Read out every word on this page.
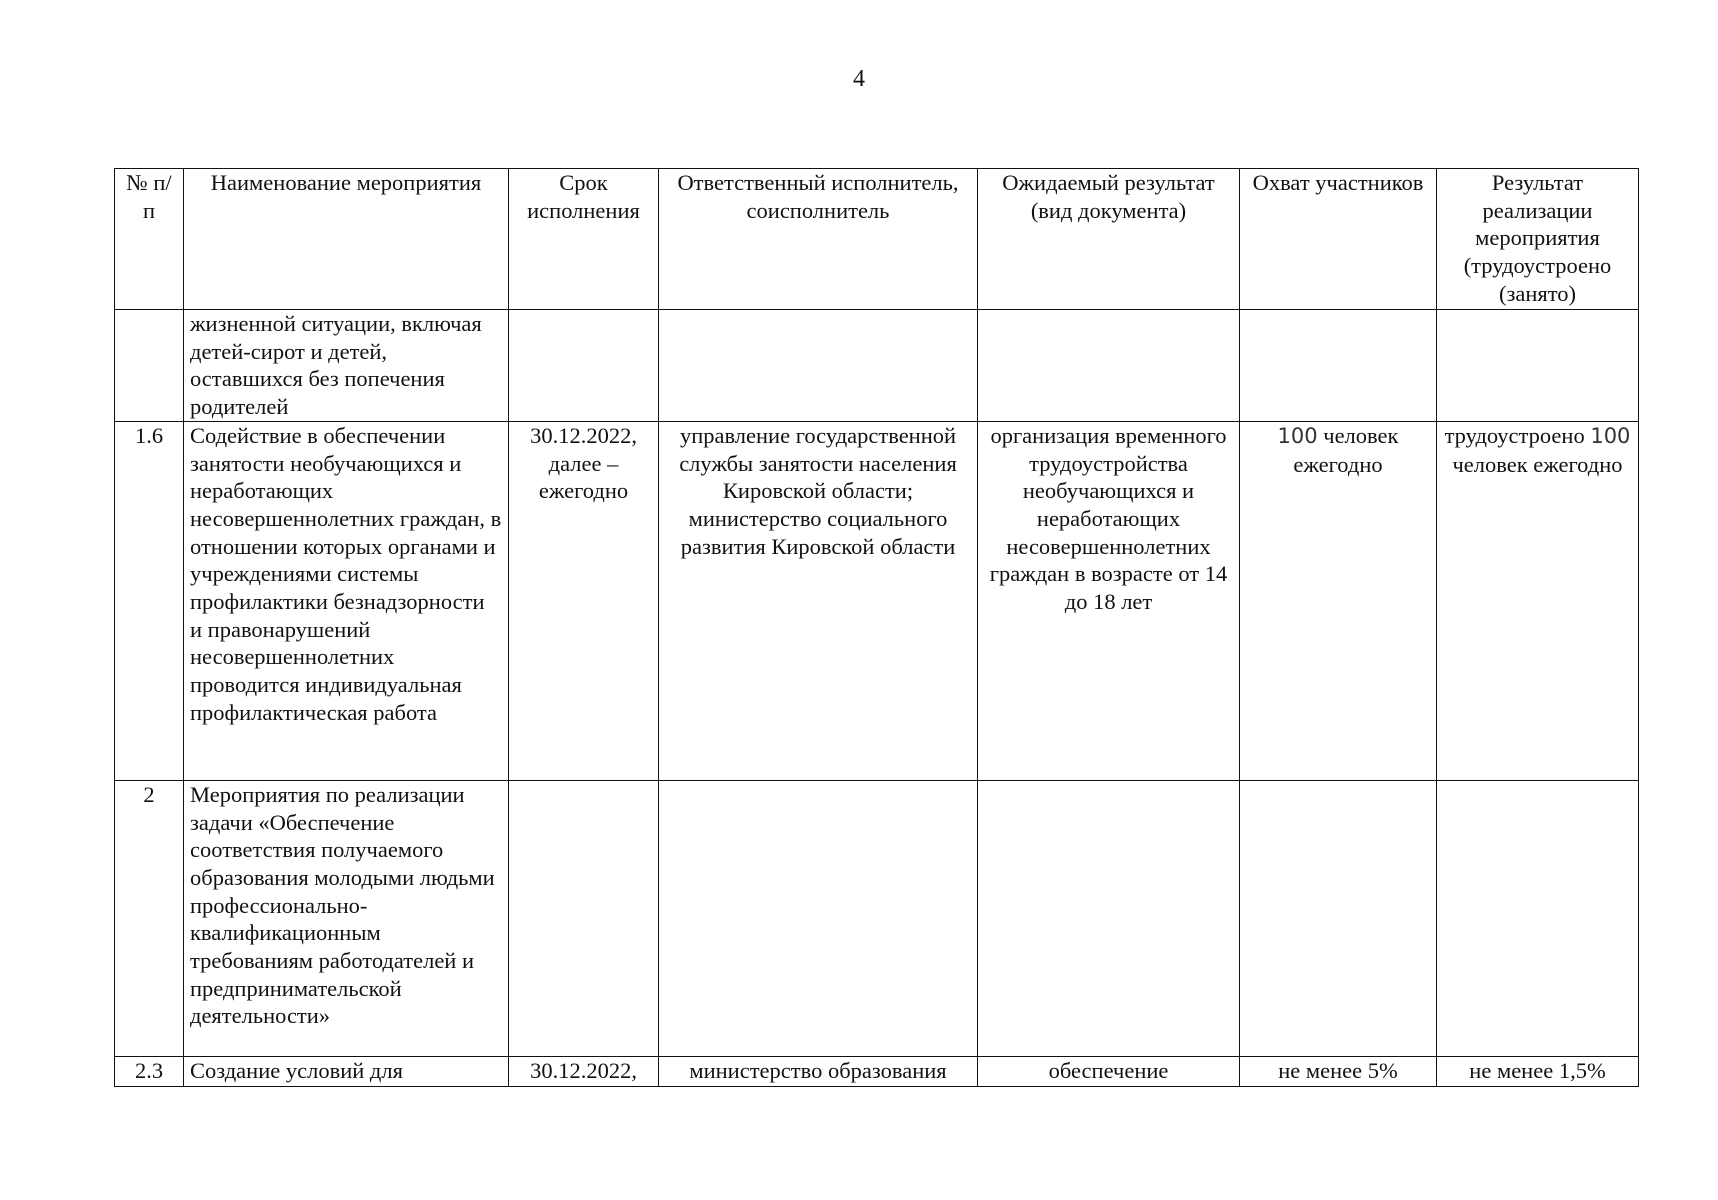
4
№ п/п	Наименование мероприятия	Срок исполнения	Ответственный исполнитель, соисполнитель	Ожидаемый результат (вид документа)	Охват участников	Результат реализации мероприятия (трудоустроено (занято)
	жизненной ситуации, включая детей-сирот и детей, оставшихся без попечения родителей					
1.6	Содействие в обеспечении занятости необучающихся и неработающих несовершеннолетних граждан, в отношении которых органами и учреждениями системы профилактики безнадзорности и правонарушений несовершеннолетних проводится индивидуальная профилактическая работа	30.12.2022, далее – ежегодно	управление государственной службы занятости населения Кировской области; министерство социального развития Кировской области	организация временного трудоустройства необучающихся и неработающих несовершеннолетних граждан в возрасте от 14 до 18 лет	100 человек ежегодно	трудоустроено 100 человек ежегодно
2	Мероприятия по реализации задачи «Обеспечение соответствия получаемого образования молодыми людьми профессионально-квалификационным требованиям работодателей и предпринимательской деятельности»					
2.3	Создание условий для	30.12.2022,	министерство образования	обеспечение	не менее 5%	не менее 1,5%
